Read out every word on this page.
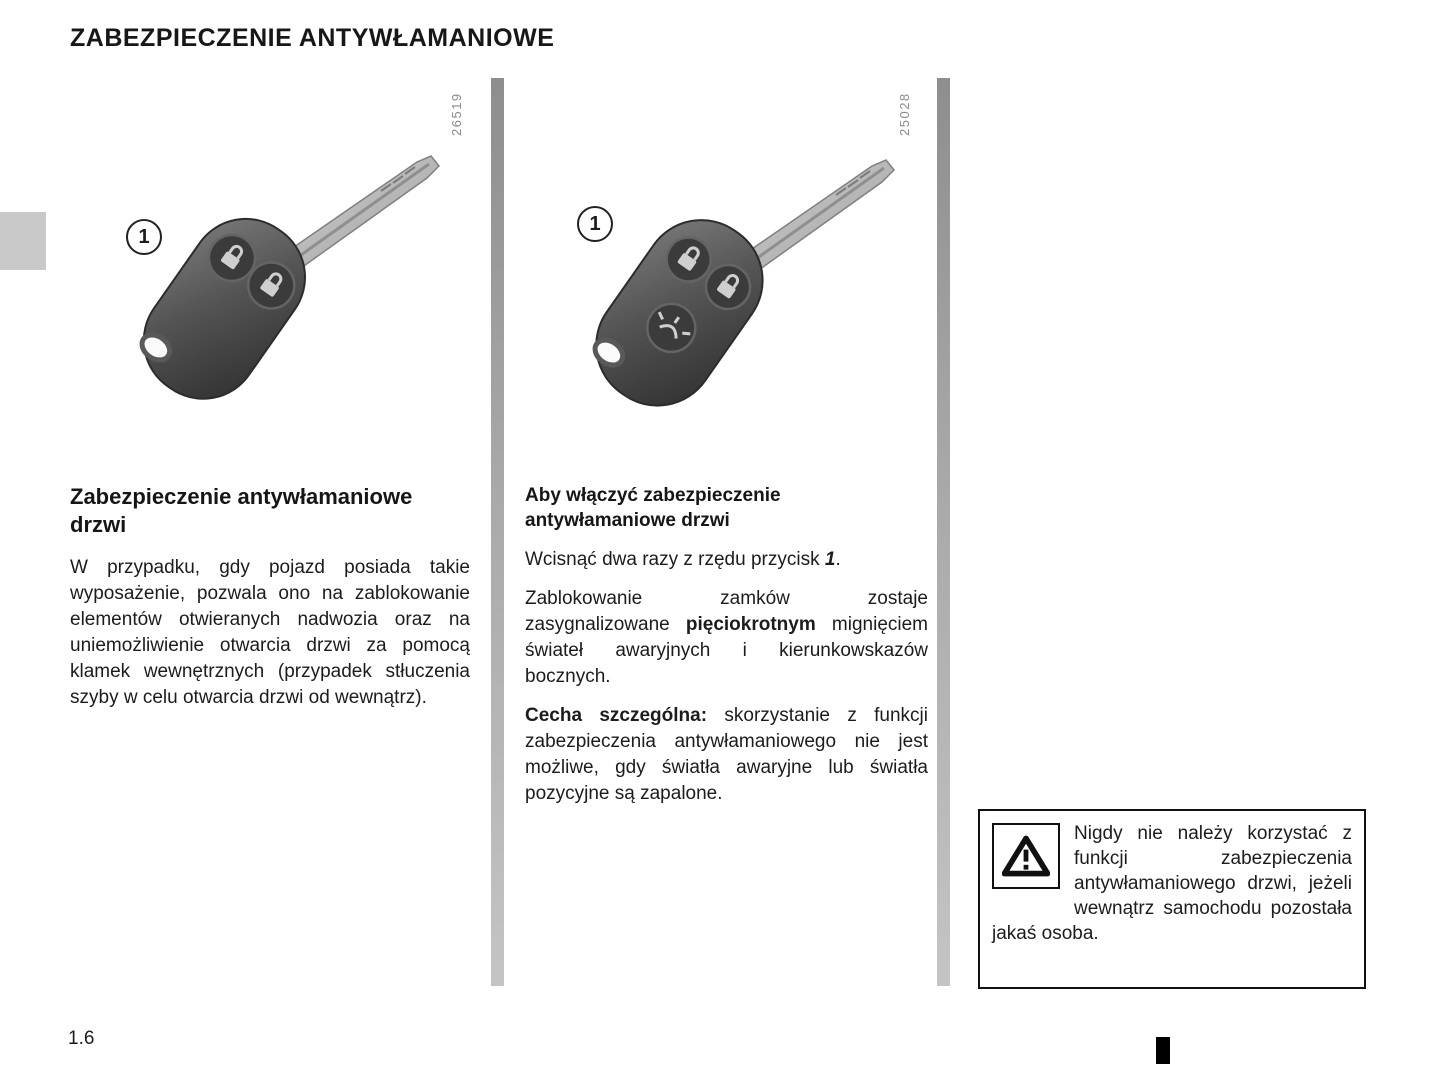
ZABEZPIECZENIE ANTYWŁAMANIOWE
26519	25028
1
1
Zabezpieczenie antywłamaniowe drzwi

W przypadku, gdy pojazd posiada takie wyposażenie, pozwala ono na zablokowanie elementów otwieranych nadwozia oraz na uniemożliwienie otwarcia drzwi za pomocą klamek wewnętrznych (przypadek stłuczenia szyby w celu otwarcia drzwi od wewnątrz).

Aby włączyć zabezpieczenie antywłamaniowe drzwi

Wcisnąć dwa razy z rzędu przycisk 1.

Zablokowanie zamków zostaje zasygnalizowane pięciokrotnym mignięciem świateł awaryjnych i kierunkowskazów bocznych.

Cecha szczególna: skorzystanie z funkcji zabezpieczenia antywłamaniowego nie jest możliwe, gdy światła awaryjne lub światła pozycyjne są zapalone.

Nigdy nie należy korzystać z funkcji zabezpieczenia antywłamaniowego drzwi, jeżeli wewnątrz samochodu pozostała jakaś osoba.

1.6
